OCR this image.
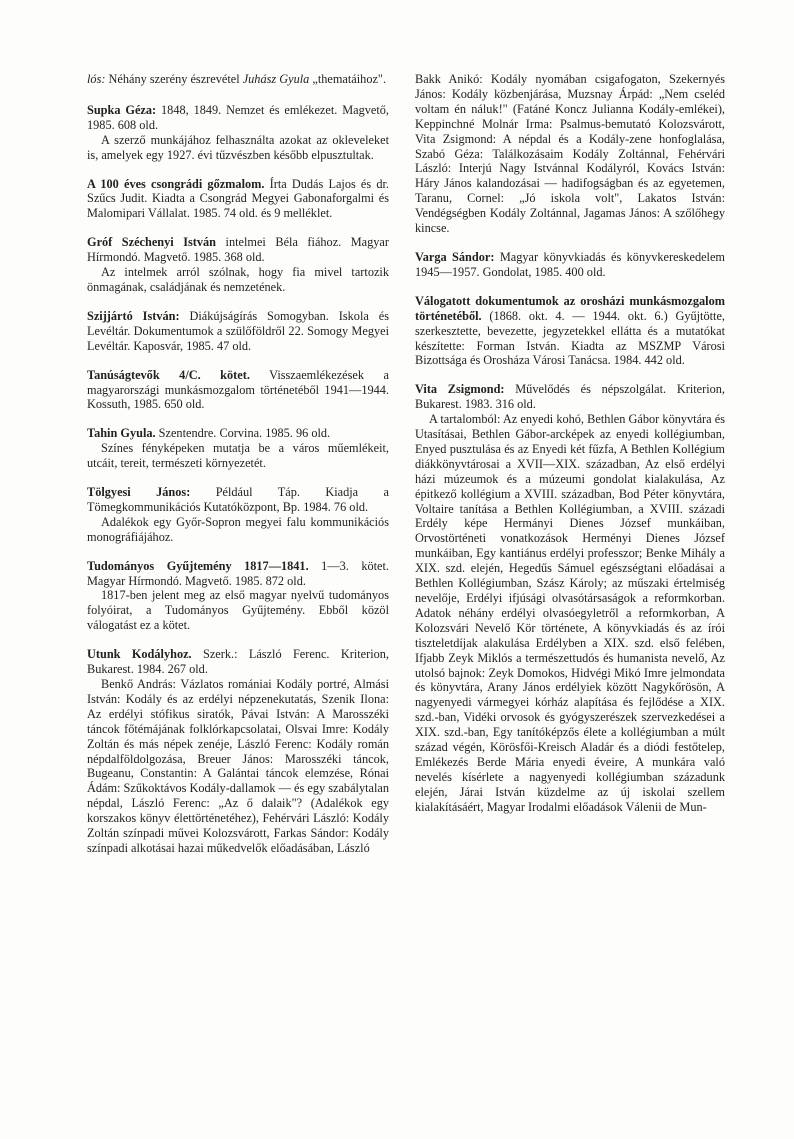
lós: Néhány szerény észrevétel Juhász Gyula „thematáihoz".

Supka Géza: 1848, 1849. Nemzet és emlékezet. Magvető, 1985. 608 old.

A szerző munkájához felhasználta azokat az okleveleket is, amelyek egy 1927. évi tűzvészben később elpusztultak.

A 100 éves csongrádi gőzmalom. Írta Dudás Lajos és dr. Szűcs Judit. Kiadta a Csongrád Megyei Gabonaforgalmi és Malomipari Vállalat. 1985. 74 old. és 9 melléklet.

Gróf Széchenyi István intelmei Béla fiához. Magyar Hírmondó. Magvető. 1985. 368 old.

Az intelmek arról szólnak, hogy fia mivel tartozik önmagának, családjának és nemzetének.

Szijjártó István: Diákújságírás Somogyban. Iskola és Levéltár. Dokumentumok a szülőföldről 22. Somogy Megyei Levéltár. Kaposvár, 1985. 47 old.

Tanúságtevők 4/C. kötet. Visszaemlékezések a magyarországi munkásmozgalom történetéből 1941—1944. Kossuth, 1985. 650 old.

Tahin Gyula. Szentendre. Corvina. 1985. 96 old.

Színes fényképeken mutatja be a város műemlékeit, utcáit, tereit, természeti környezetét.

Tölgyesi János: Például Táp. Kiadja a Tömegkommunikációs Kutatóközpont, Bp. 1984. 76 old.

Adalékok egy Győr-Sopron megyei falu kommunikációs monográfiájához.

Tudományos Gyűjtemény 1817—1841. 1—3. kötet. Magyar Hírmondó. Magvető. 1985. 872 old.

1817-ben jelent meg az első magyar nyelvű tudományos folyóirat, a Tudományos Gyűjtemény. Ebből közöl válogatást ez a kötet.

Utunk Kodályhoz. Szerk.: László Ferenc. Kriterion, Bukarest. 1984. 267 old.

Benkő András: Vázlatos romániai Kodály portré, Almási István: Kodály és az erdélyi népzenekutatás, Szenik Ilona: Az erdélyi stófikus siratók, Pávai István: A Marosszéki táncok főtémájának folklórkapcsolatai, Olsvai Imre: Kodály Zoltán és más népek zenéje, László Ferenc: Kodály román népdalföldolgozása, Breuer János: Marosszéki táncok, Bugeanu, Constantin: A Galántai táncok elemzése, Rónai Ádám: Szűkoktávos Kodály-dallamok — és egy szabálytalan népdal, László Ferenc: „Az ő dalaik"? (Adalékok egy korszakos könyv élettörténetéhez), Fehérvári László: Kodály Zoltán színpadi művei Kolozsvárott, Farkas Sándor: Kodály színpadi alkotásai hazai műkedvelők előadásában, László

Bakk Anikó: Kodály nyomában csigafogaton, Szekernyés János: Kodály közbenjárása, Muzsnay Árpád: „Nem cseléd voltam én náluk!" (Fatáné Koncz Julianna Kodály-emlékei), Keppinchné Molnár Irma: Psalmus-bemutató Kolozsvárott, Vita Zsigmond: A népdal és a Kodály-zene honfoglalása, Szabó Géza: Találkozásaim Kodály Zoltánnal, Fehérvári László: Interjú Nagy Istvánnal Kodályról, Kovács István: Háry János kalandozásai — hadifogságban és az egyetemen, Taranu, Cornel: „Jó iskola volt", Lakatos István: Vendégségben Kodály Zoltánnal, Jagamas János: A szőlőhegy kincse.

Varga Sándor: Magyar könyvkiadás és könyvkereskedelem 1945—1957. Gondolat, 1985. 400 old.

Válogatott dokumentumok az orosházi munkásmozgalom történetéből. (1868. okt. 4. — 1944. okt. 6.) Gyűjtötte, szerkesztette, bevezette, jegyzetekkel ellátta és a mutatókat készítette: Forman István. Kiadta az MSZMP Városi Bizottsága és Orosháza Városi Tanácsa. 1984. 442 old.

Vita Zsigmond: Művelődés és népszolgálat. Kriterion, Bukarest. 1983. 316 old.

A tartalomból: Az enyedi kohó, Bethlen Gábor könyvtára és Utasításai, Bethlen Gábor-arcképek az enyedi kollégiumban, Enyed pusztulása és az Enyedi két fűzfa, A Bethlen Kollégium diákkönyvtárosai a XVII—XIX. században, Az első erdélyi házi múzeumok és a múzeumi gondolat kialakulása, Az épitkező kollégium a XVIII. században, Bod Péter könyvtára, Voltaire tanítása a Bethlen Kollégiumban, a XVIII. századi Erdély képe Hermányi Dienes József munkáiban, Orvostörténeti vonatkozások Herményi Dienes József munkáiban, Egy kantiánus erdélyi professzor; Benke Mihály a XIX. szd. elején, Hegedűs Sámuel egészségtani előadásai a Bethlen Kollégiumban, Szász Károly; az műszaki értelmiség nevelője, Erdélyi ifjúsági olvasótársaságok a reformkorban. Adatok néhány erdélyi olvasóegyletről a reformkorban, A Kolozsvári Nevelő Kör története, A könyvkiadás és az írói tiszteletdíjak alakulása Erdélyben a XIX. szd. első felében, Ifjabb Zeyk Miklós a természettudós és humanista nevelő, Az utolsó bajnok: Zeyk Domokos, Hidvégi Mikó Imre jelmondata és könyvtára, Arany János erdélyiek között Nagykőrösön, A nagyenyedi vármegyei kórház alapítása és fejlődése a XIX. szd.-ban, Vidéki orvosok és gyógyszerészek szervezkedései a XIX. szd.-ban, Egy tanítóképzős élete a kollégiumban a múlt század végén, Körösfői-Kreisch Aladár és a diódi festőtelep, Emlékezés Berde Mária enyedi éveire, A munkára való nevelés kísérlete a nagyenyedi kollégiumban századunk elején, Járai István küzdelme az új iskolai szellem kialakításáért, Magyar Irodalmi előadások Válenii de Mun-
